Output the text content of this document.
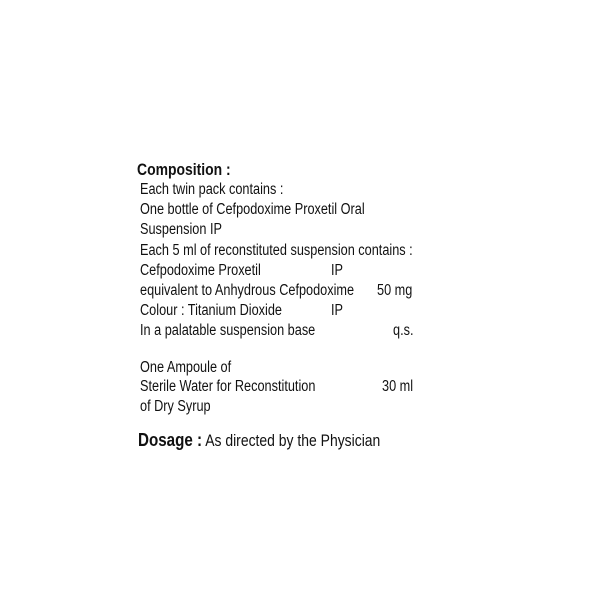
Composition :
Each twin pack contains :
One bottle of Cefpodoxime Proxetil Oral
Suspension IP
Each 5 ml of reconstituted suspension contains :
Cefpodoxime Proxetil	IP
equivalent to Anhydrous Cefpodoxime 50 mg
Colour : Titanium Dioxide	IP
In a palatable suspension base	q.s.
One Ampoule of
Sterile Water for Reconstitution	30 ml
of Dry Syrup
Dosage : As directed by the Physician
